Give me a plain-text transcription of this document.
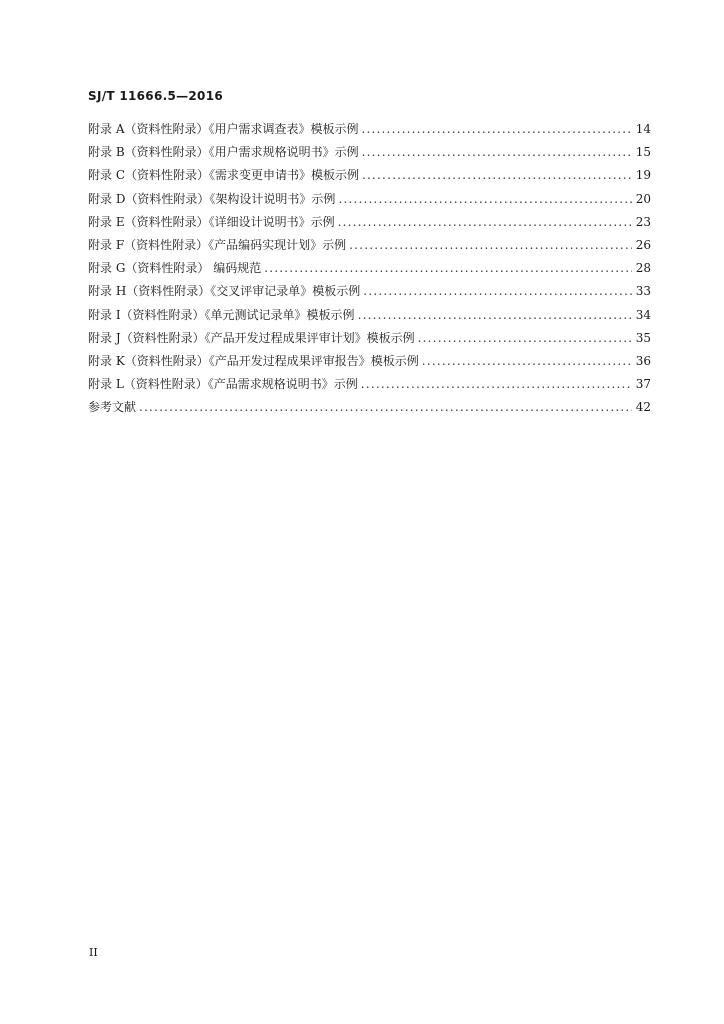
SJ/T 11666.5—2016
附录 A（资料性附录）《用户需求调查表》模板示例 .....	14
附录 B（资料性附录）《用户需求规格说明书》示例 .....	15
附录 C（资料性附录）《需求变更申请书》模板示例 .....	19
附录 D（资料性附录）《架构设计说明书》示例 .....	20
附录 E（资料性附录）《详细设计说明书》示例 .....	23
附录 F（资料性附录）《产品编码实现计划》示例 .....	26
附录 G（资料性附录） 编码规范 .....	28
附录 H（资料性附录）《交叉评审记录单》模板示例 .....	33
附录 I（资料性附录）《单元测试记录单》模板示例 .....	34
附录 J（资料性附录）《产品开发过程成果评审计划》模板示例 .....	35
附录 K（资料性附录）《产品开发过程成果评审报告》模板示例 .....	36
附录 L（资料性附录）《产品需求规格说明书》示例 .....	37
参考文献 .....	42
II
